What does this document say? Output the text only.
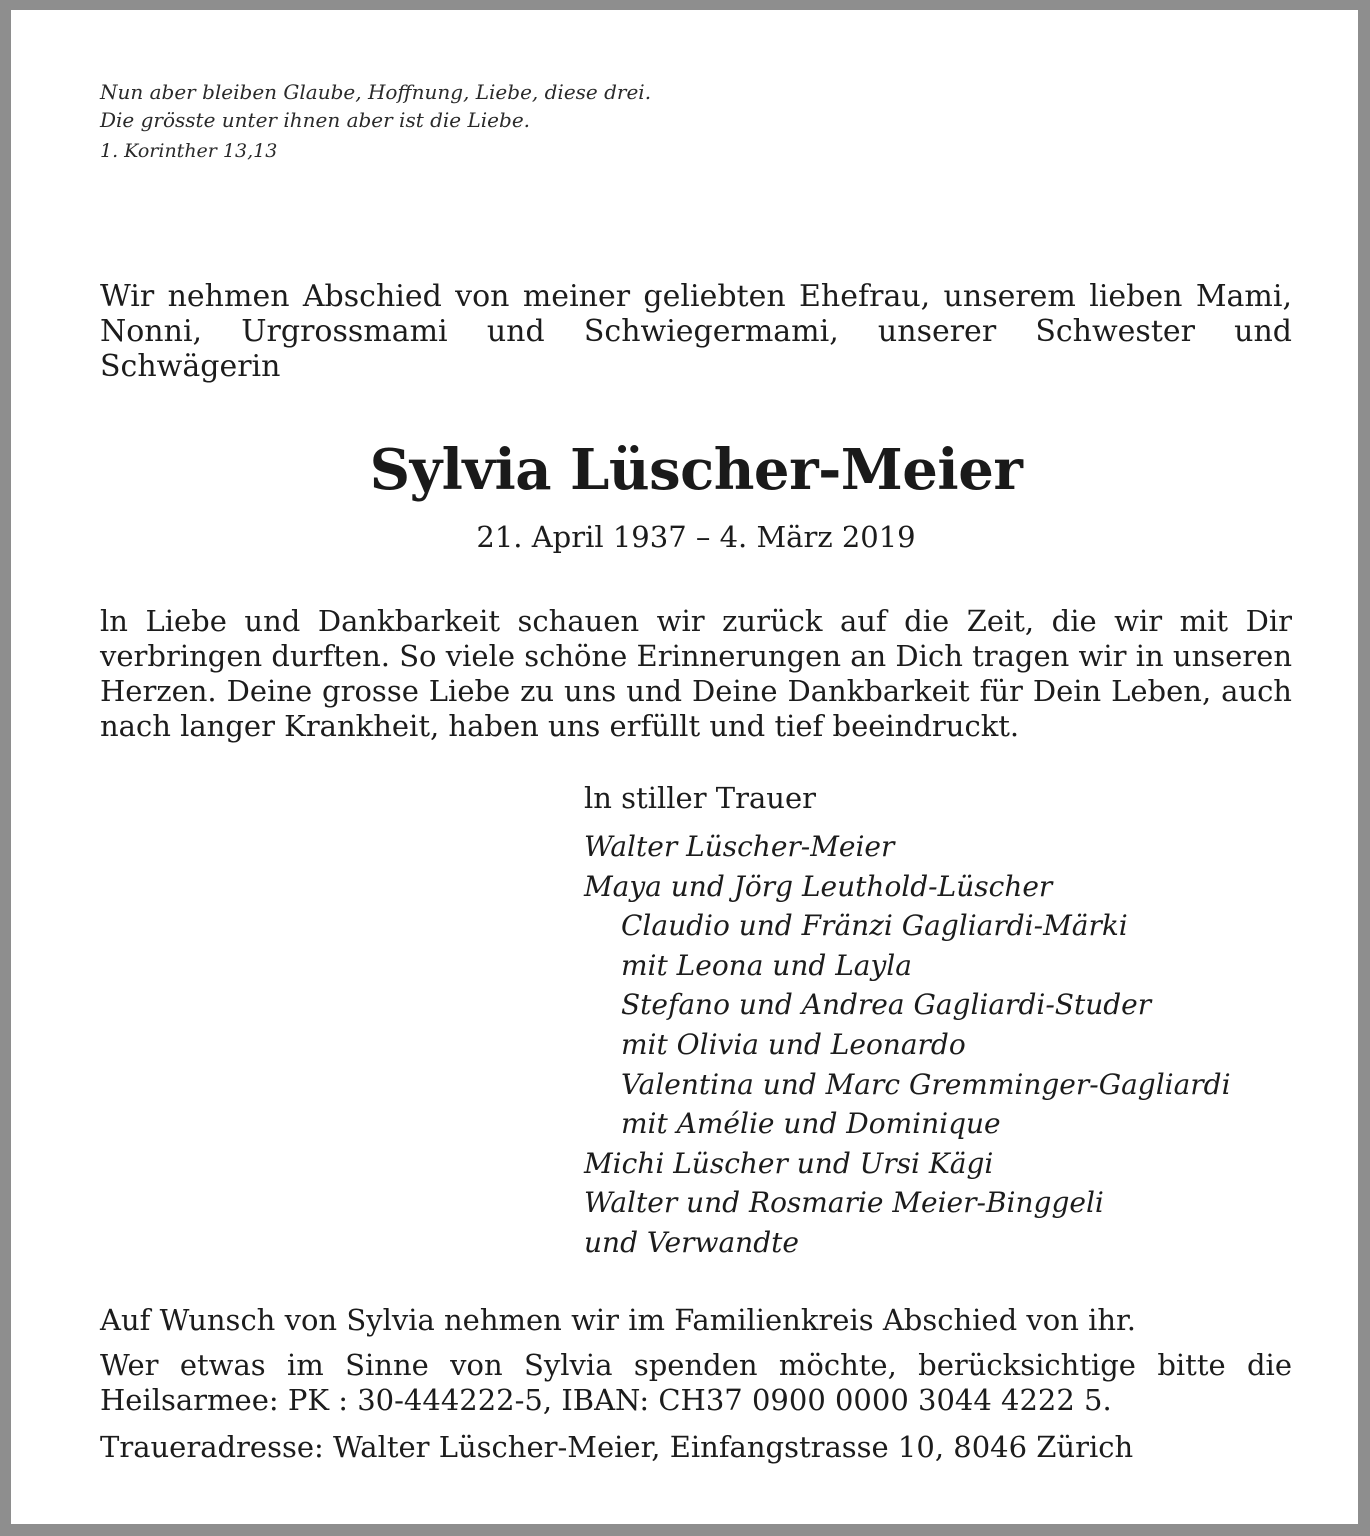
Nun aber bleiben Glaube, Hoffnung, Liebe, diese drei.
Die grösste unter ihnen aber ist die Liebe.
1. Korinther 13,13
Wir nehmen Abschied von meiner geliebten Ehefrau, unserem lieben Mami, Nonni, Urgrossmami und Schwiegermami, unserer Schwester und Schwägerin
Sylvia Lüscher-Meier
21. April 1937 – 4. März 2019
ln Liebe und Dankbarkeit schauen wir zurück auf die Zeit, die wir mit Dir verbringen durften. So viele schöne Erinnerungen an Dich tragen wir in unseren Herzen. Deine grosse Liebe zu uns und Deine Dankbarkeit für Dein Leben, auch nach langer Krankheit, haben uns erfüllt und tief beeindruckt.
ln stiller Trauer
Walter Lüscher-Meier
Maya und Jörg Leuthold-Lüscher
Claudio und Fränzi Gagliardi-Märki
mit Leona und Layla
Stefano und Andrea Gagliardi-Studer
mit Olivia und Leonardo
Valentina und Marc Gremminger-Gagliardi
mit Amélie und Dominique
Michi Lüscher und Ursi Kägi
Walter und Rosmarie Meier-Binggeli
und Verwandte

Auf Wunsch von Sylvia nehmen wir im Familienkreis Abschied von ihr.

Wer etwas im Sinne von Sylvia spenden möchte, berücksichtige bitte die Heilsarmee: PK : 30-444222-5, IBAN: CH37 0900 0000 3044 4222 5.

Traueradresse: Walter Lüscher-Meier, Einfangstrasse 10, 8046 Zürich
